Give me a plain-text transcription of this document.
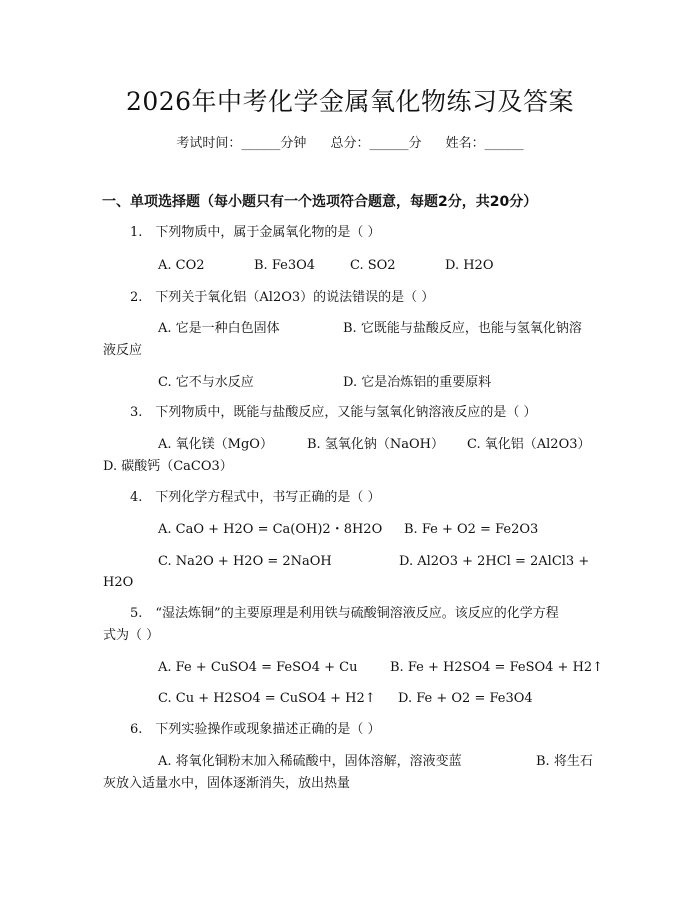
2026年中考化学金属氧化物练习及答案
考试时间：______分钟 总分：______分 姓名：______
一、单项选择题（每小题只有一个选项符合题意，每题2分，共20分）
1.　下列物质中，属于金属氧化物的是（ ）
A. CO2	B. Fe3O4	C. SO2	D. H2O
2.　下列关于氧化铝（Al2O3）的说法错误的是（ ）
A. 它是一种白色固体	B. 它既能与盐酸反应，也能与氢氧化钠溶
液反应
C. 它不与水反应	D. 它是冶炼铝的重要原料
3.　下列物质中，既能与盐酸反应，又能与氢氧化钠溶液反应的是（ ）
A. 氧化镁（MgO）	B. 氢氧化钠（NaOH） C. 氧化铝（Al2O3）
D. 碳酸钙（CaCO3）
4.　下列化学方程式中，书写正确的是（ ）
A. CaO + H2O = Ca(OH)2・8H2O B. Fe + O2 = Fe2O3
C. Na2O + H2O = 2NaOH	D. Al2O3 + 2HCl = 2AlCl3 +
H2O
5.　“湿法炼铜”的主要原理是利用铁与硫酸铜溶液反应。该反应的化学方程
式为（ ）
A. Fe + CuSO4 = FeSO4 + Cu	B. Fe + H2SO4 = FeSO4 + H2↑
C. Cu + H2SO4 = CuSO4 + H2↑ D. Fe + O2 = Fe3O4
6.　下列实验操作或现象描述正确的是（ ）
A. 将氧化铜粉末加入稀硫酸中，固体溶解，溶液变蓝	B. 将生石
灰放入适量水中，固体逐渐消失，放出热量
